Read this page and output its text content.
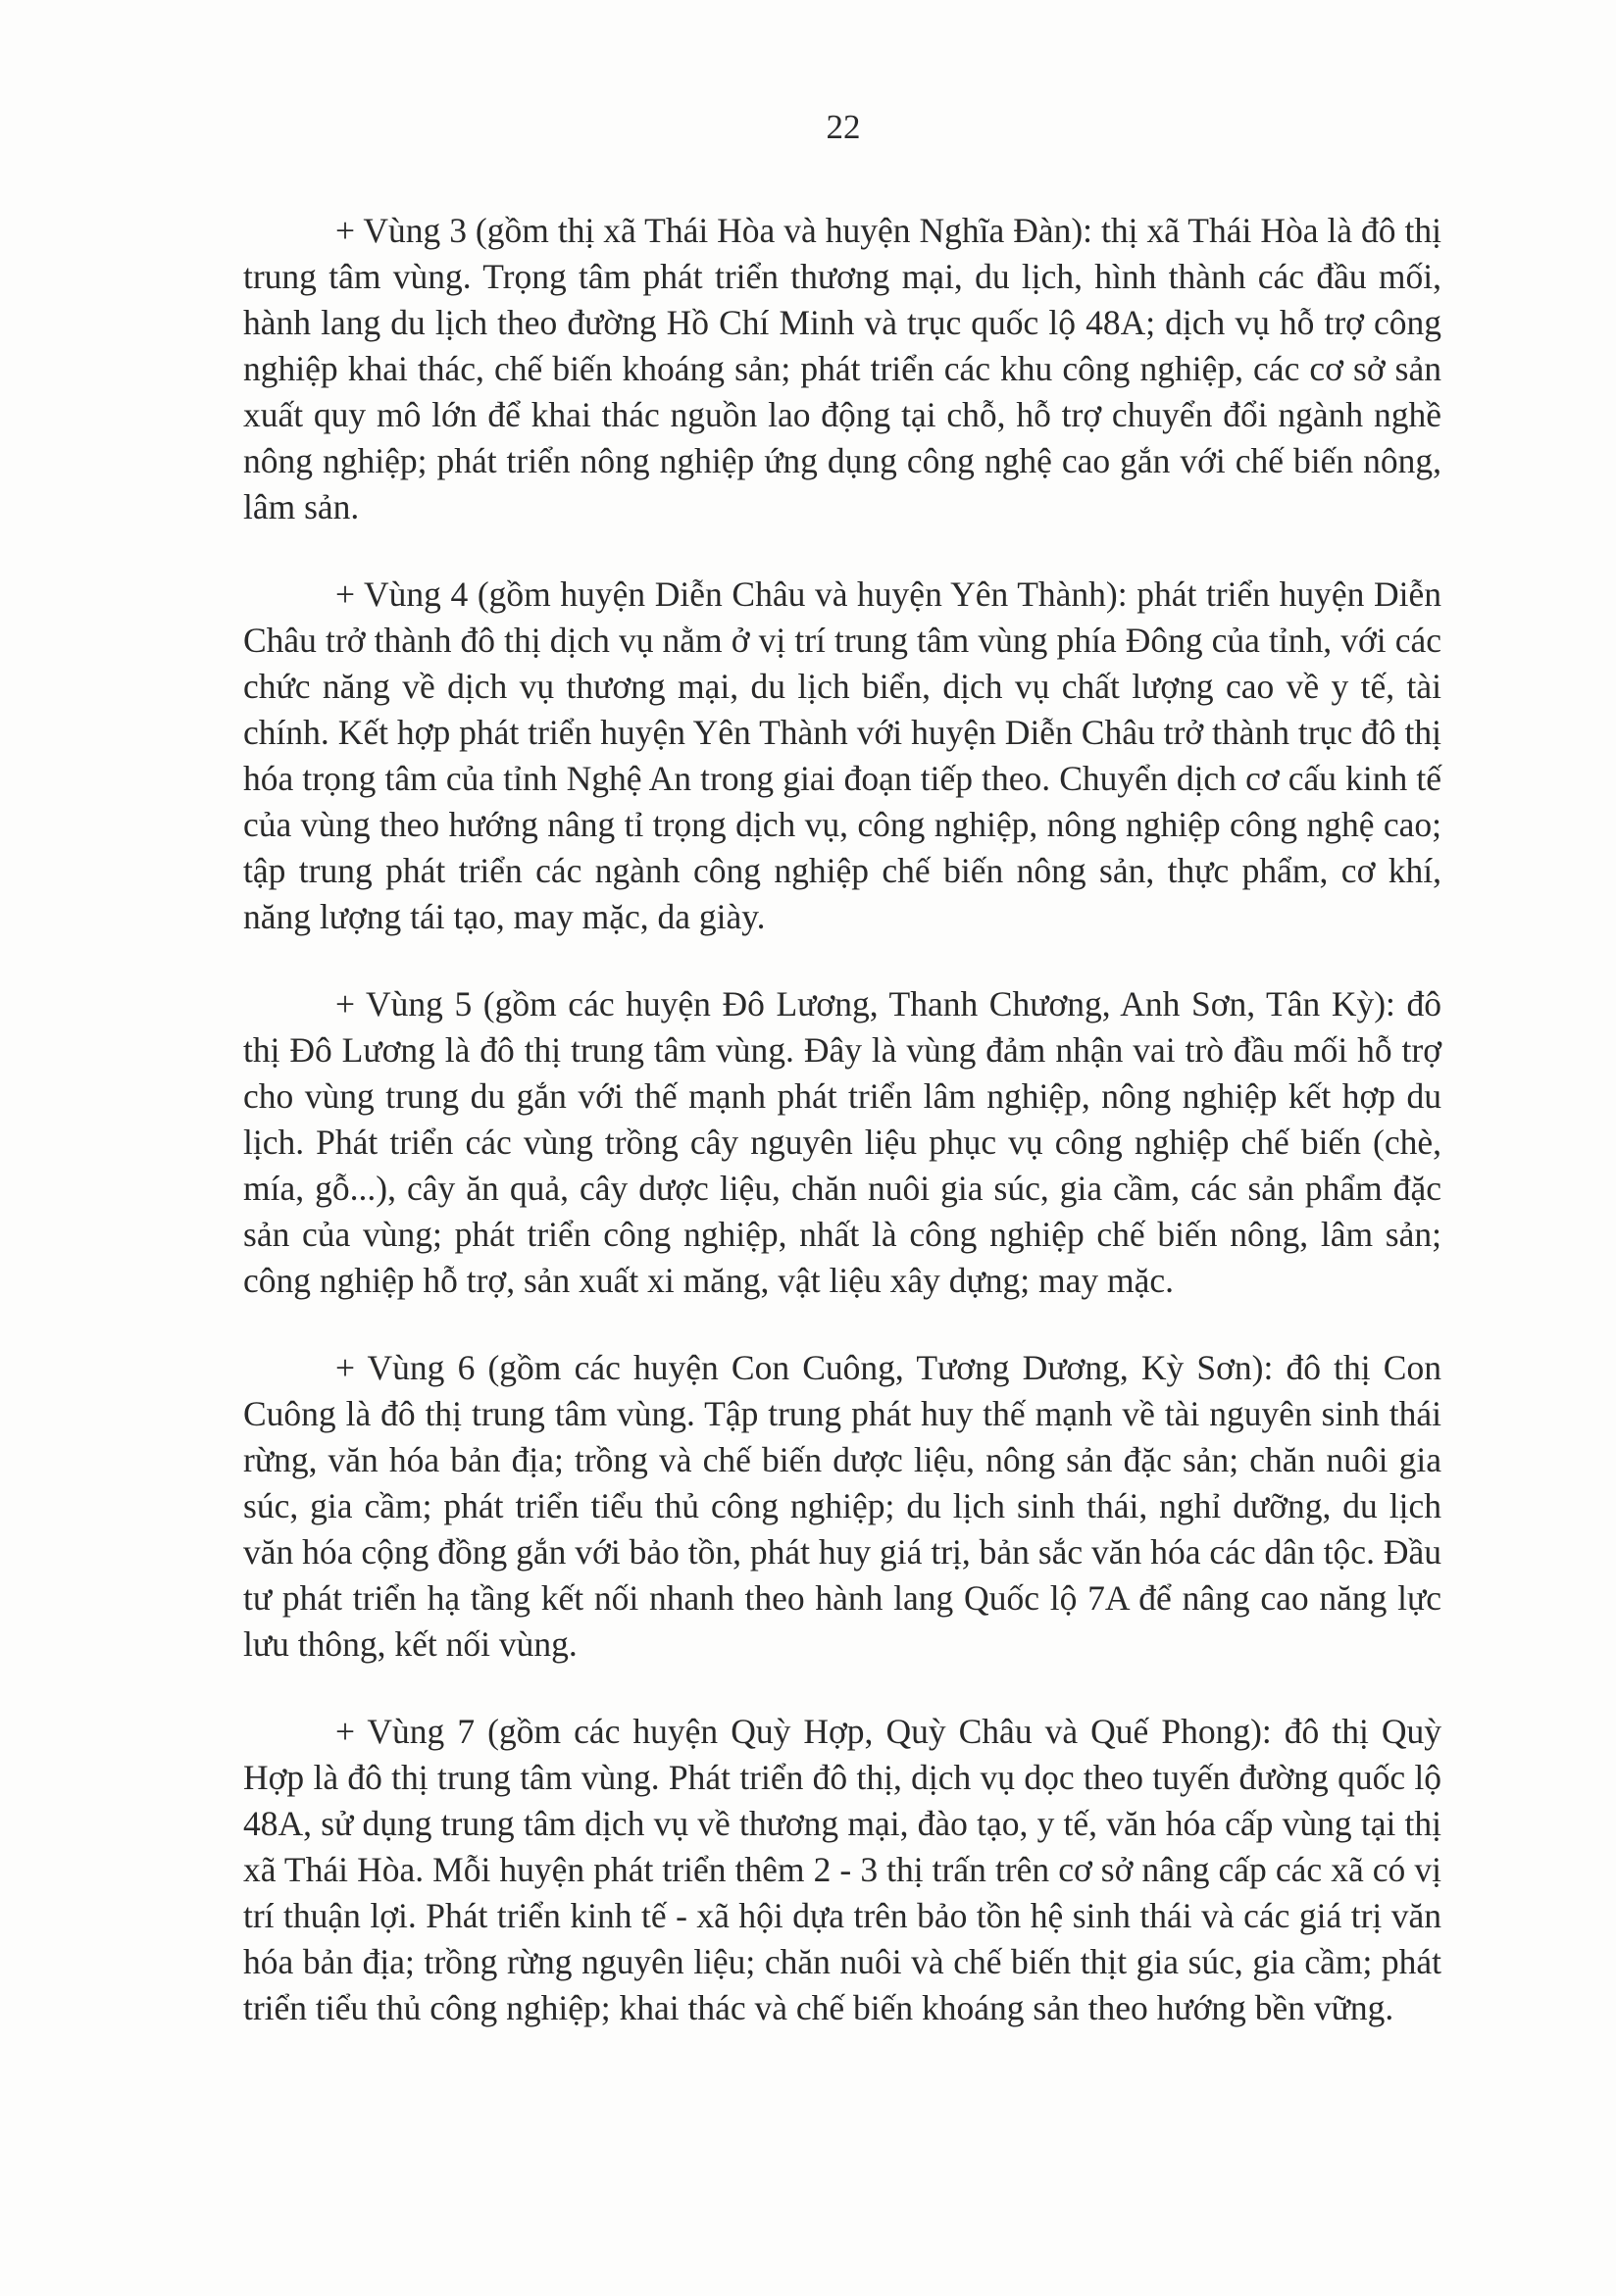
22

+ Vùng 3 (gồm thị xã Thái Hòa và huyện Nghĩa Đàn): thị xã Thái Hòa là đô thị trung tâm vùng. Trọng tâm phát triển thương mại, du lịch, hình thành các đầu mối, hành lang du lịch theo đường Hồ Chí Minh và trục quốc lộ 48A; dịch vụ hỗ trợ công nghiệp khai thác, chế biến khoáng sản; phát triển các khu công nghiệp, các cơ sở sản xuất quy mô lớn để khai thác nguồn lao động tại chỗ, hỗ trợ chuyển đổi ngành nghề nông nghiệp; phát triển nông nghiệp ứng dụng công nghệ cao gắn với chế biến nông, lâm sản.

+ Vùng 4 (gồm huyện Diễn Châu và huyện Yên Thành): phát triển huyện Diễn Châu trở thành đô thị dịch vụ nằm ở vị trí trung tâm vùng phía Đông của tỉnh, với các chức năng về dịch vụ thương mại, du lịch biển, dịch vụ chất lượng cao về y tế, tài chính. Kết hợp phát triển huyện Yên Thành với huyện Diễn Châu trở thành trục đô thị hóa trọng tâm của tỉnh Nghệ An trong giai đoạn tiếp theo. Chuyển dịch cơ cấu kinh tế của vùng theo hướng nâng tỉ trọng dịch vụ, công nghiệp, nông nghiệp công nghệ cao; tập trung phát triển các ngành công nghiệp chế biến nông sản, thực phẩm, cơ khí, năng lượng tái tạo, may mặc, da giày.

+ Vùng 5 (gồm các huyện Đô Lương, Thanh Chương, Anh Sơn, Tân Kỳ): đô thị Đô Lương là đô thị trung tâm vùng. Đây là vùng đảm nhận vai trò đầu mối hỗ trợ cho vùng trung du gắn với thế mạnh phát triển lâm nghiệp, nông nghiệp kết hợp du lịch. Phát triển các vùng trồng cây nguyên liệu phục vụ công nghiệp chế biến (chè, mía, gỗ...), cây ăn quả, cây dược liệu, chăn nuôi gia súc, gia cầm, các sản phẩm đặc sản của vùng; phát triển công nghiệp, nhất là công nghiệp chế biến nông, lâm sản; công nghiệp hỗ trợ, sản xuất xi măng, vật liệu xây dựng; may mặc.

+ Vùng 6 (gồm các huyện Con Cuông, Tương Dương, Kỳ Sơn): đô thị Con Cuông là đô thị trung tâm vùng. Tập trung phát huy thế mạnh về tài nguyên sinh thái rừng, văn hóa bản địa; trồng và chế biến dược liệu, nông sản đặc sản; chăn nuôi gia súc, gia cầm; phát triển tiểu thủ công nghiệp; du lịch sinh thái, nghỉ dưỡng, du lịch văn hóa cộng đồng gắn với bảo tồn, phát huy giá trị, bản sắc văn hóa các dân tộc. Đầu tư phát triển hạ tầng kết nối nhanh theo hành lang Quốc lộ 7A để nâng cao năng lực lưu thông, kết nối vùng.

+ Vùng 7 (gồm các huyện Quỳ Hợp, Quỳ Châu và Quế Phong): đô thị Quỳ Hợp là đô thị trung tâm vùng. Phát triển đô thị, dịch vụ dọc theo tuyến đường quốc lộ 48A, sử dụng trung tâm dịch vụ về thương mại, đào tạo, y tế, văn hóa cấp vùng tại thị xã Thái Hòa. Mỗi huyện phát triển thêm 2 - 3 thị trấn trên cơ sở nâng cấp các xã có vị trí thuận lợi. Phát triển kinh tế - xã hội dựa trên bảo tồn hệ sinh thái và các giá trị văn hóa bản địa; trồng rừng nguyên liệu; chăn nuôi và chế biến thịt gia súc, gia cầm; phát triển tiểu thủ công nghiệp; khai thác và chế biến khoáng sản theo hướng bền vững.
